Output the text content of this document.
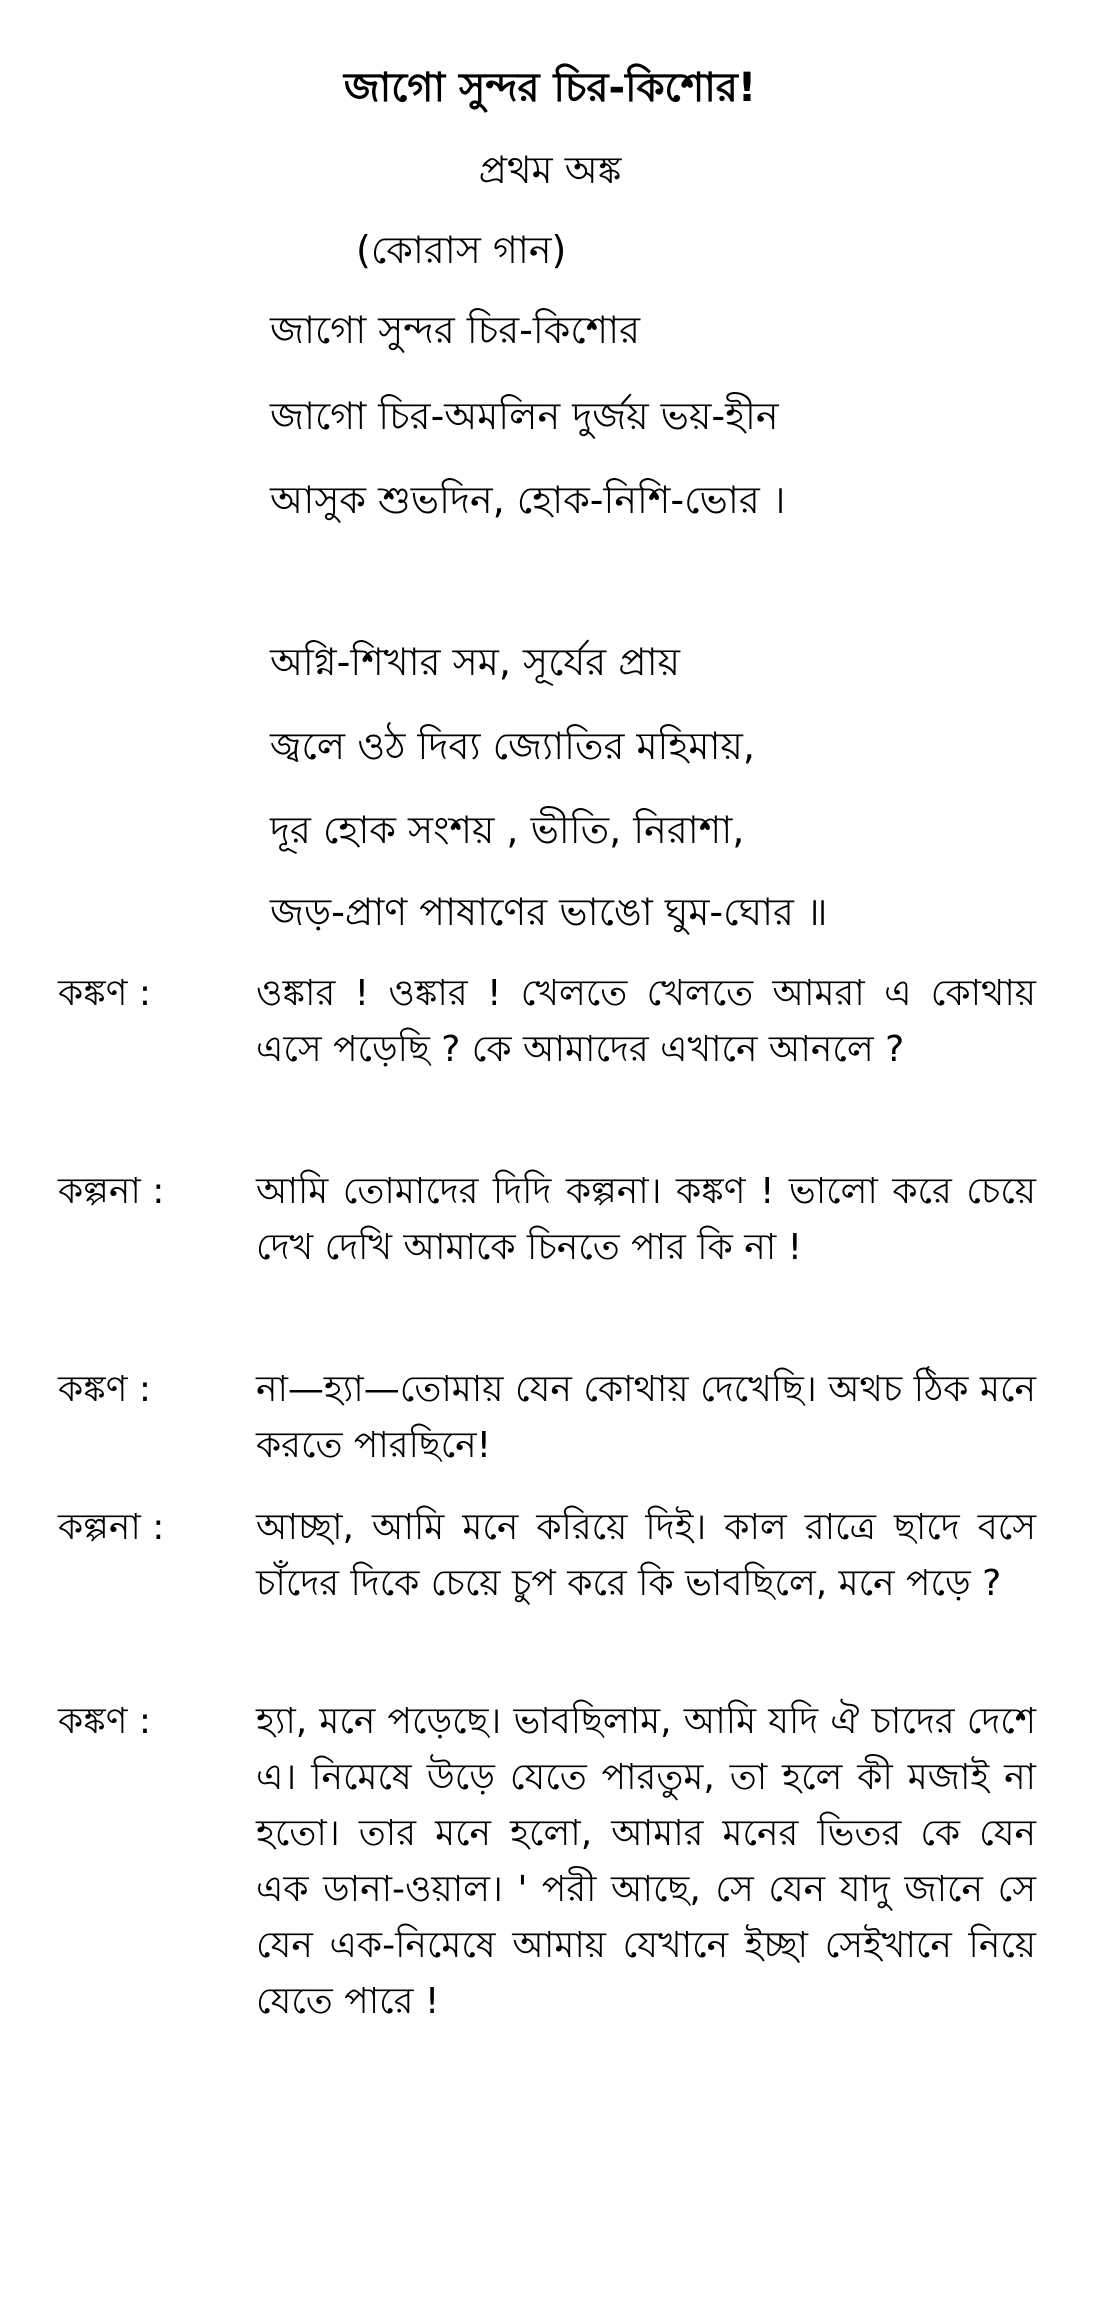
জাগো সুন্দর চির-কিশোর!
প্রথম অঙ্ক
(কোরাস গান)
জাগো সুন্দর চির-কিশোর
জাগো চির-অমলিন দুর্জয় ভয়-হীন
আসুক শুভদিন, হোক-নিশি-ভোর ।
অগ্নি-শিখার সম, সূর্যের প্রায়
জ্বলে ওঠ দিব্য জ্যোতির মহিমায়,
দূর হোক সংশয় , ভীতি, নিরাশা,
জড়-প্রাণ পাষাণের ভাঙো ঘুম-ঘোর ॥
কঙ্কণ :	ওঙ্কার ! ওঙ্কার ! খেলতে খেলতে আমরা এ কোথায় এসে পড়েছি ? কে আমাদের এখানে আনলে ?
কল্পনা :	আমি তোমাদের দিদি কল্পনা। কঙ্কণ ! ভালো করে চেয়ে দেখ দেখি আমাকে চিনতে পার কি না !
কঙ্কণ :	না—হ্যা—তোমায় যেন কোথায় দেখেছি। অথচ ঠিক মনে করতে পারছিনে!
কল্পনা :	আচ্ছা, আমি মনে করিয়ে দিই। কাল রাত্রে ছাদে বসে চাঁদের দিকে চেয়ে চুপ করে কি ভাবছিলে, মনে পড়ে ?
কঙ্কণ :	হ্যা, মনে পড়েছে। ভাবছিলাম, আমি যদি ঐ চাদের দেশে এ। নিমেষে উড়ে যেতে পারতুম, তা হলে কী মজাই না হতো। তার মনে হলো, আমার মনের ভিতর কে যেন এক ডানা-ওয়াল। ' পরী আছে, সে যেন যাদু জানে সে যেন এক-নিমেষে আমায় যেখানে ইচ্ছা সেইখানে নিয়ে যেতে পারে !
